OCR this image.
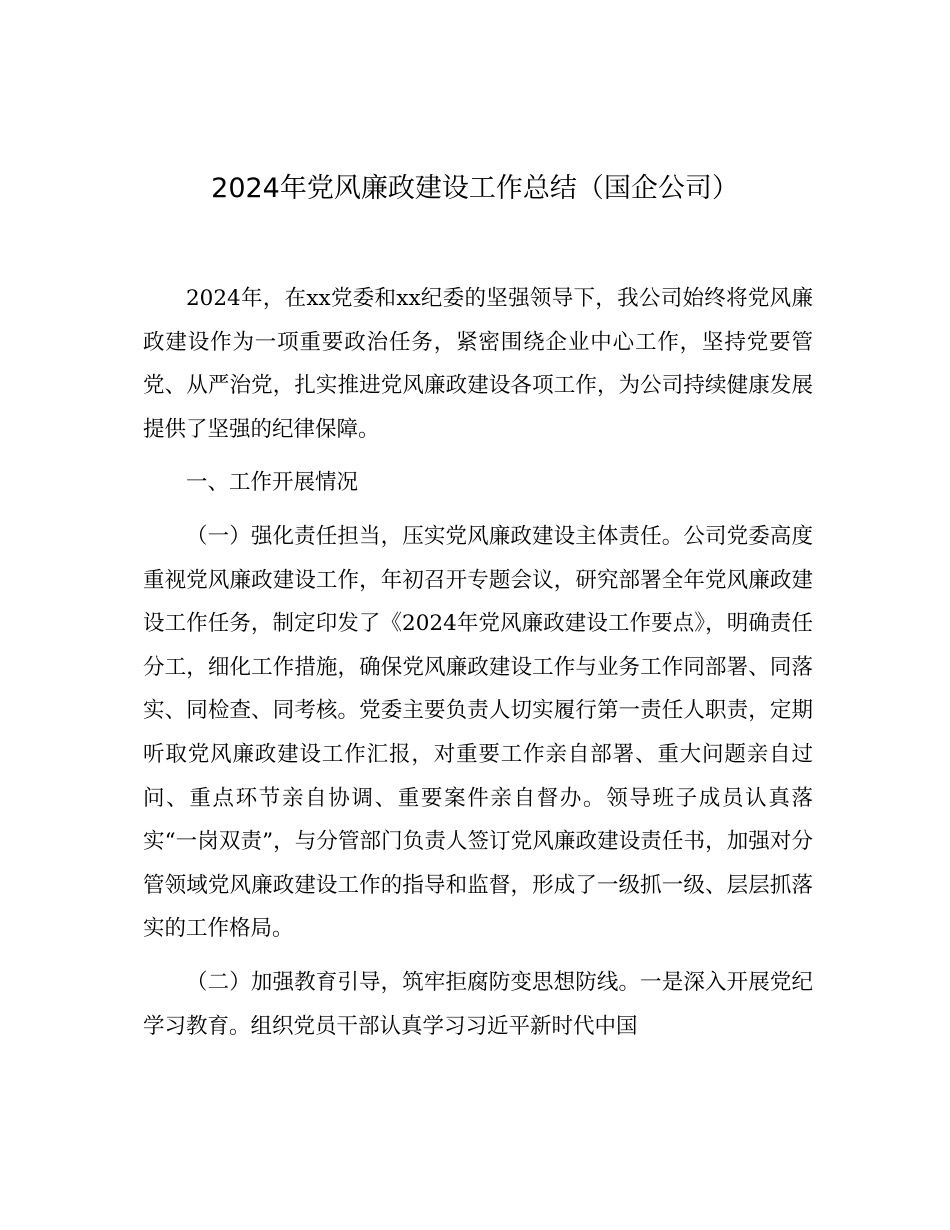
2024年党风廉政建设工作总结（国企公司）

2024年，在xx党委和xx纪委的坚强领导下，我公司始终将党风廉政建设作为一项重要政治任务，紧密围绕企业中心工作，坚持党要管党、从严治党，扎实推进党风廉政建设各项工作，为公司持续健康发展提供了坚强的纪律保障。

一、工作开展情况

（一）强化责任担当，压实党风廉政建设主体责任。公司党委高度重视党风廉政建设工作，年初召开专题会议，研究部署全年党风廉政建设工作任务，制定印发了《2024年党风廉政建设工作要点》，明确责任分工，细化工作措施，确保党风廉政建设工作与业务工作同部署、同落实、同检查、同考核。党委主要负责人切实履行第一责任人职责，定期听取党风廉政建设工作汇报，对重要工作亲自部署、重大问题亲自过问、重点环节亲自协调、重要案件亲自督办。领导班子成员认真落实“一岗双责”，与分管部门负责人签订党风廉政建设责任书，加强对分管领域党风廉政建设工作的指导和监督，形成了一级抓一级、层层抓落实的工作格局。

（二）加强教育引导，筑牢拒腐防变思想防线。一是深入开展党纪学习教育。组织党员干部认真学习习近平新时代中国
